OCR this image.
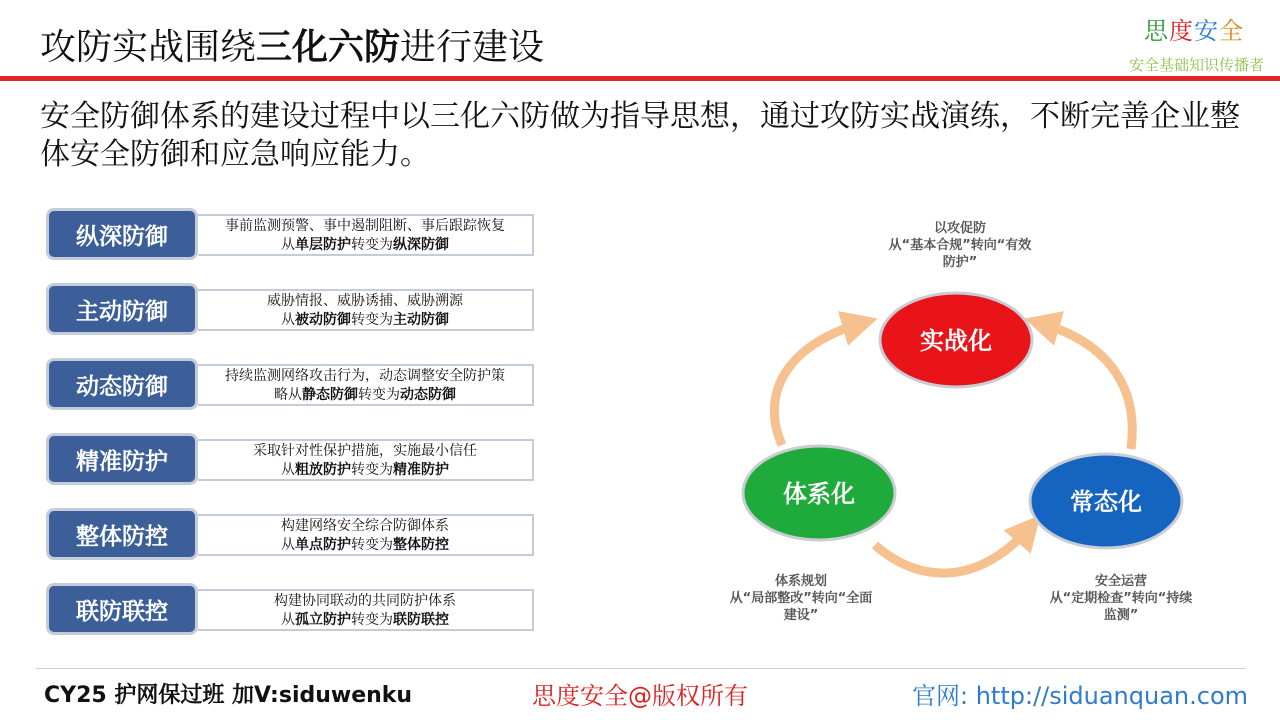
攻防实战围绕三化六防进行建设	思度安全
安全基础知识传播者
安全防御体系的建设过程中以三化六防做为指导思想，通过攻防实战演练，不断完善企业整体安全防御和应急响应能力。
纵深防御	事前监测预警、事中遏制阻断、事后跟踪恢复
从单层防护转变为纵深防御
主动防御	威胁情报、威胁诱捕、威胁溯源
从被动防御转变为主动防御
动态防御	持续监测网络攻击行为，动态调整安全防护策
略从静态防御转变为动态防御
精准防护	采取针对性保护措施，实施最小信任
从粗放防护转变为精准防护
整体防控	构建网络安全综合防御体系
从单点防护转变为整体防控
联防联控	构建协同联动的共同防护体系
从孤立防护转变为联防联控
实战化
体系化	常态化
以攻促防
从“基本合规”转向“有效
防护”
体系规划
从“局部整改”转向“全面
建设”
安全运营
从“定期检查”转向“持续
监测”
CY25 护网保过班 加V:siduwenku	思度安全@版权所有	官网: http://siduanquan.com
